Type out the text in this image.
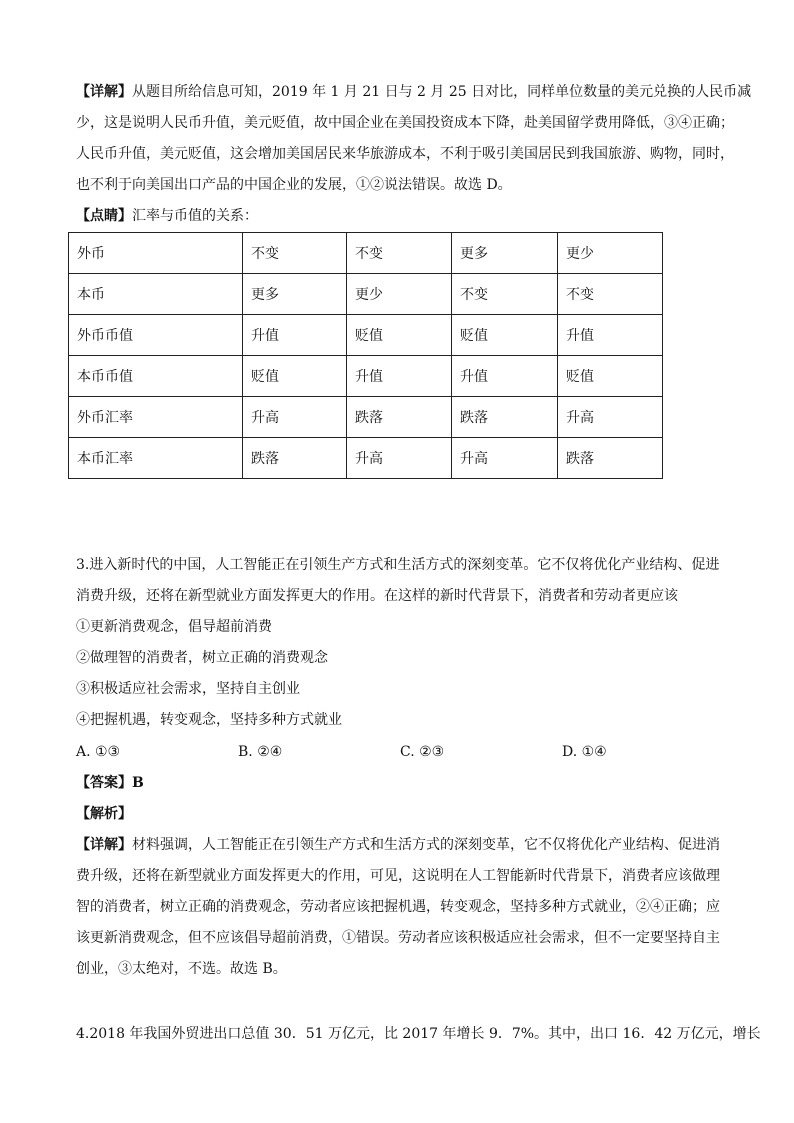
【详解】从题目所给信息可知，2019 年 1 月 21 日与 2 月 25 日对比，同样单位数量的美元兑换的人民币减
少，这是说明人民币升值，美元贬值，故中国企业在美国投资成本下降，赴美国留学费用降低，③④正确；
人民币升值，美元贬值，这会增加美国居民来华旅游成本，不利于吸引美国居民到我国旅游、购物，同时，
也不利于向美国出口产品的中国企业的发展，①②说法错误。故选 D。
【点睛】汇率与币值的关系：
外币	不变	不变	更多	更少
本币	更多	更少	不变	不变
外币币值	升值	贬值	贬值	升值
本币币值	贬值	升值	升值	贬值
外币汇率	升高	跌落	跌落	升高
本币汇率	跌落	升高	升高	跌落
3.进入新时代的中国，人工智能正在引领生产方式和生活方式的深刻变革。它不仅将优化产业结构、促进
消费升级，还将在新型就业方面发挥更大的作用。在这样的新时代背景下，消费者和劳动者更应该
①更新消费观念，倡导超前消费
②做理智的消费者，树立正确的消费观念
③积极适应社会需求，坚持自主创业
④把握机遇，转变观念，坚持多种方式就业
A. ①③	B. ②④	C. ②③	D. ①④
【答案】B
【解析】
【详解】材料强调，人工智能正在引领生产方式和生活方式的深刻变革，它不仅将优化产业结构、促进消
费升级，还将在新型就业方面发挥更大的作用，可见，这说明在人工智能新时代背景下，消费者应该做理
智的消费者，树立正确的消费观念，劳动者应该把握机遇，转变观念，坚持多种方式就业，②④正确；应
该更新消费观念，但不应该倡导超前消费，①错误。劳动者应该积极适应社会需求，但不一定要坚持自主
创业，③太绝对，不选。故选 B。
4.2018 年我国外贸进出口总值 30．51 万亿元，比 2017 年增长 9．7%。其中，出口 16．42 万亿元，增长
